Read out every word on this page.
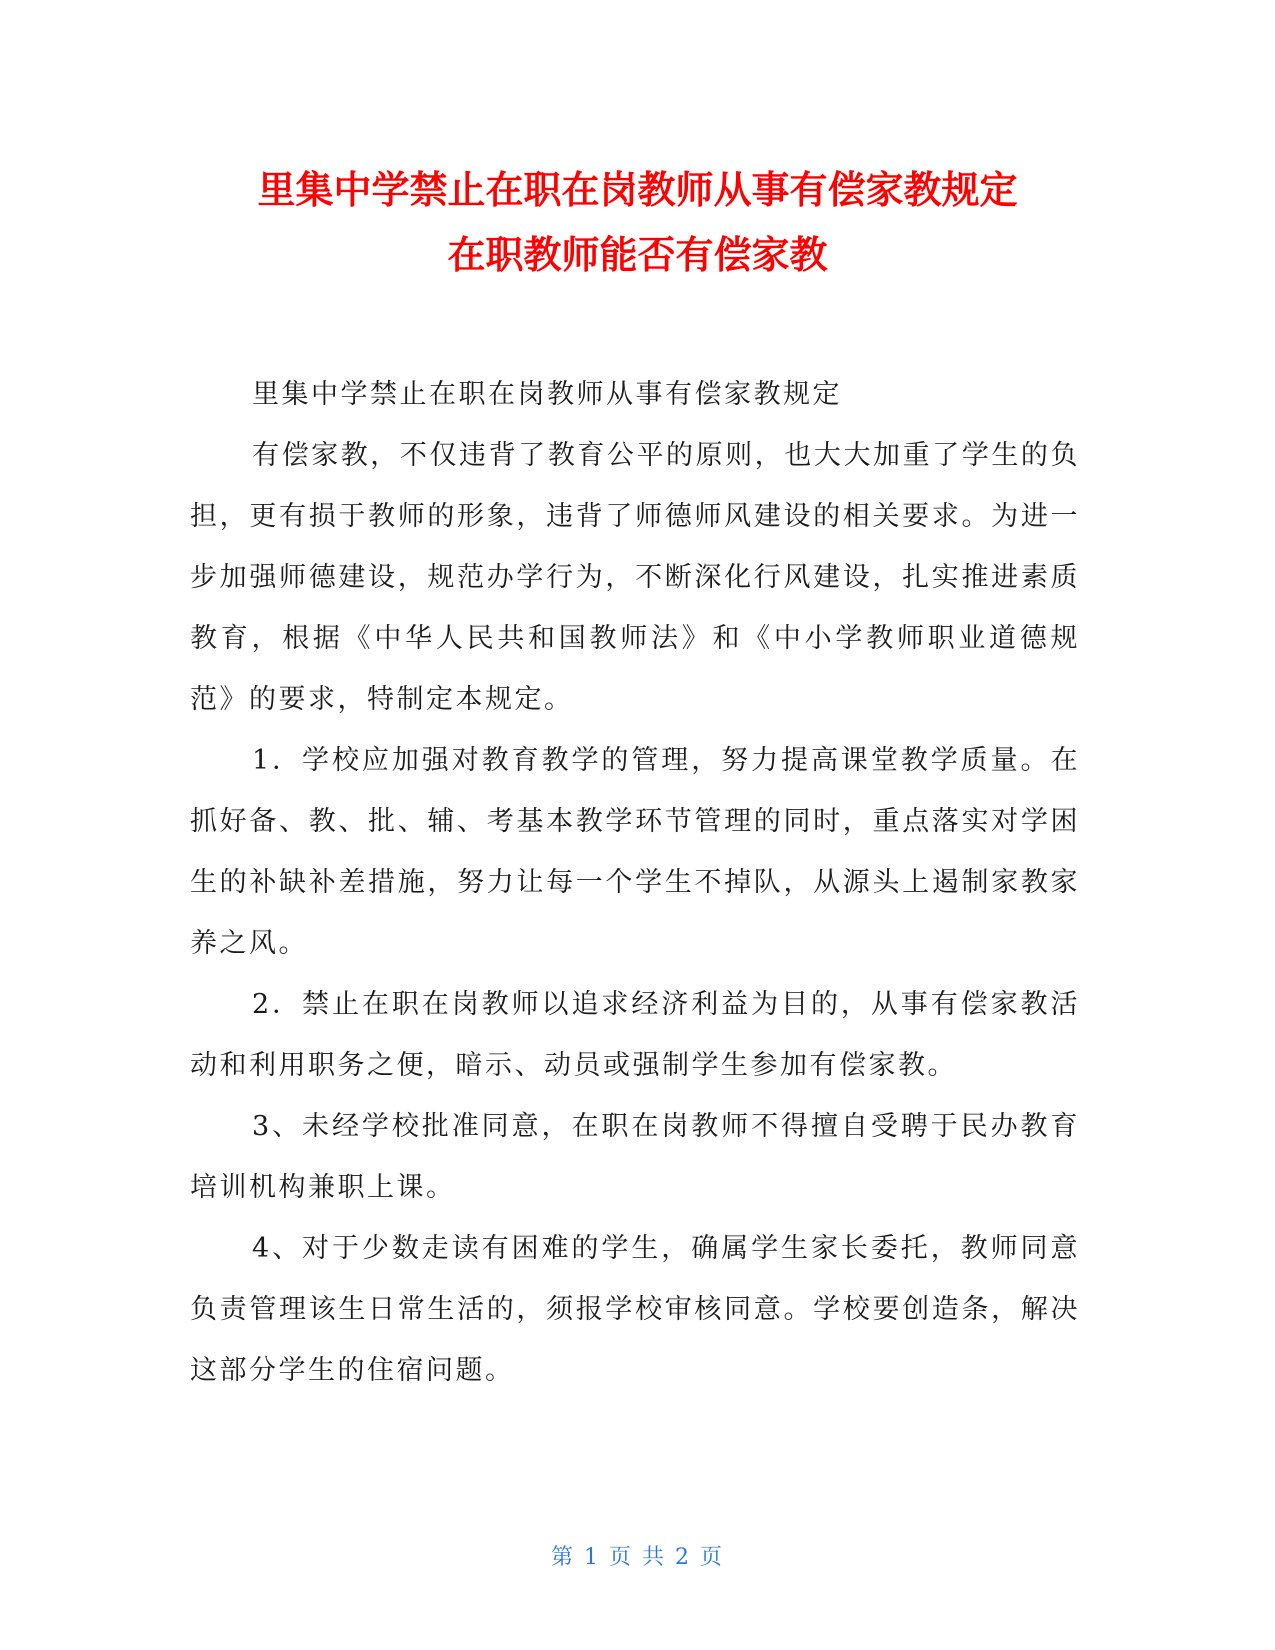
里集中学禁止在职在岗教师从事有偿家教规定
在职教师能否有偿家教

里集中学禁止在职在岗教师从事有偿家教规定

有偿家教，不仅违背了教育公平的原则，也大大加重了学生的负担，更有损于教师的形象，违背了师德师风建设的相关要求。为进一步加强师德建设，规范办学行为，不断深化行风建设，扎实推进素质教育，根据《中华人民共和国教师法》和《中小学教师职业道德规范》的要求，特制定本规定。

1．学校应加强对教育教学的管理，努力提高课堂教学质量。在抓好备、教、批、辅、考基本教学环节管理的同时，重点落实对学困生的补缺补差措施，努力让每一个学生不掉队，从源头上遏制家教家养之风。

2．禁止在职在岗教师以追求经济利益为目的，从事有偿家教活动和利用职务之便，暗示、动员或强制学生参加有偿家教。

3、未经学校批准同意，在职在岗教师不得擅自受聘于民办教育培训机构兼职上课。

4、对于少数走读有困难的学生，确属学生家长委托，教师同意负责管理该生日常生活的，须报学校审核同意。学校要创造条，解决这部分学生的住宿问题。

第 1 页 共 2 页
